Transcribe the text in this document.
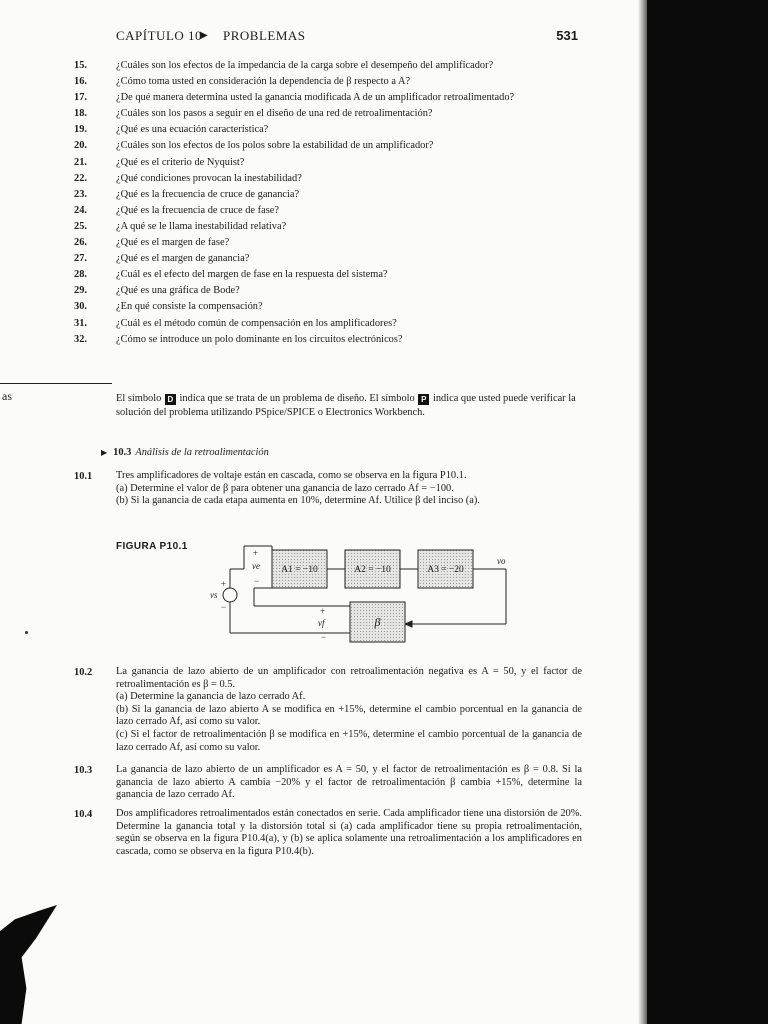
as
CAPÍTULO 10
▶ PROBLEMAS	531
15.	¿Cuáles son los efectos de la impedancia de la carga sobre el desempeño del amplificador?
16.	¿Cómo toma usted en consideración la dependencia de β respecto a A?
17.	¿De qué manera determina usted la ganancia modificada A de un amplificador retroalimentado?
18.	¿Cuáles son los pasos a seguir en el diseño de una red de retroalimentación?
19.	¿Qué es una ecuación característica?
20.	¿Cuáles son los efectos de los polos sobre la estabilidad de un amplificador?
21.	¿Qué es el criterio de Nyquist?
22.	¿Qué condiciones provocan la inestabilidad?
23.	¿Qué es la frecuencia de cruce de ganancia?
24.	¿Qué es la frecuencia de cruce de fase?
25.	¿A qué se le llama inestabilidad relativa?
26.	¿Qué es el margen de fase?
27.	¿Qué es el margen de ganancia?
28.	¿Cuál es el efecto del margen de fase en la respuesta del sistema?
29.	¿Qué es una gráfica de Bode?
30.	¿En qué consiste la compensación?
31.	¿Cuál es el método común de compensación en los amplificadores?
32.	¿Cómo se introduce un polo dominante en los circuitos electrónicos?
El símbolo D indica que se trata de un problema de diseño. El símbolo P indica que usted puede verificar la solución del problema utilizando PSpice/SPICE o Electronics Workbench.
▶ 10.3 Análisis de la retroalimentación
10.1 Tres amplificadores de voltaje están en cascada, como se observa en la figura P10.1.

(a) Determine el valor de β para obtener una ganancia de lazo cerrado Af = −100.

(b) Si la ganancia de cada etapa aumenta en 10%, determine Af. Utilice β del inciso (a).

FIGURA P10.1
+
ve
−
+
vs
−
vo
+
vf
−
A1 = −10	A2 = −10	A3 = −20
β
10.2 La ganancia de lazo abierto de un amplificador con retroalimentación negativa es A = 50, y el factor de retroalimentación es β = 0.5.

(a) Determine la ganancia de lazo cerrado Af.

(b) Si la ganancia de lazo abierto A se modifica en +15%, determine el cambio porcentual en la ganancia de lazo cerrado Af, así como su valor.

(c) Si el factor de retroalimentación β se modifica en +15%, determine el cambio porcentual de la ganancia de lazo cerrado Af, así como su valor.

10.3 La ganancia de lazo abierto de un amplificador es A = 50, y el factor de retroalimentación es β = 0.8. Si la ganancia de lazo abierto A cambia −20% y el factor de retroalimentación β cambia +15%, determine la ganancia de lazo cerrado Af.

10.4 Dos amplificadores retroalimentados están conectados en serie. Cada amplificador tiene una distorsión de 20%. Determine la ganancia total y la distorsión total si (a) cada amplificador tiene su propia retroalimentación, según se observa en la figura P10.4(a), y (b) se aplica solamente una retroalimentación a los amplificadores en cascada, como se observa en la figura P10.4(b).
